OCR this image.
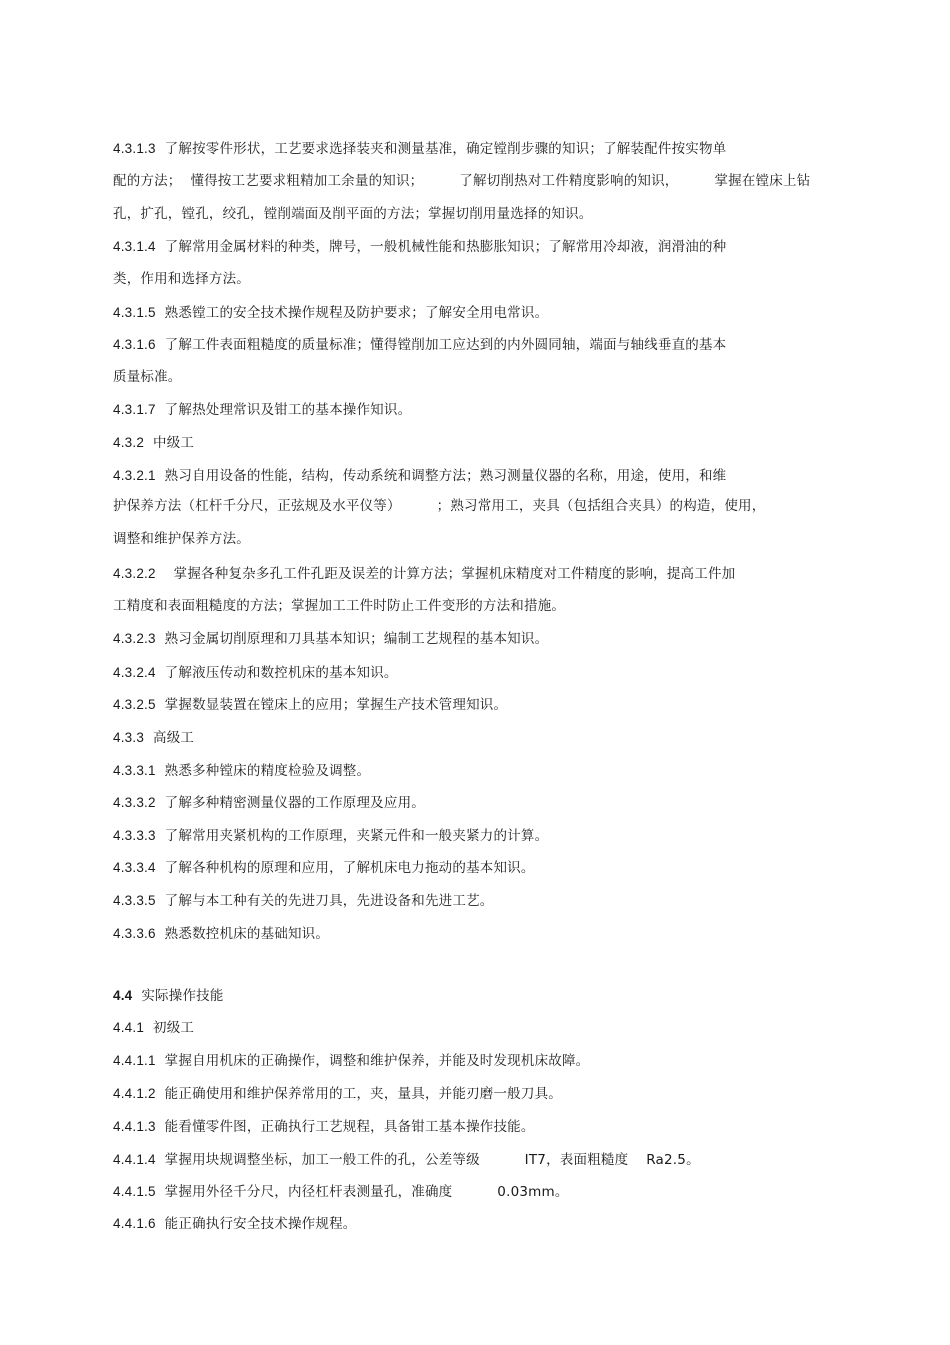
4.3.1.3 了解按零件形状，工艺要求选择装夹和测量基准，确定镗削步骤的知识；了解装配件按实物单
配的方法；  懂得按工艺要求粗精加工余量的知识；        了解切削热对工件精度影响的知识，        掌握在镗床上钻
孔，扩孔，镗孔，绞孔，镗削端面及削平面的方法；掌握切削用量选择的知识。
4.3.1.4 了解常用金属材料的种类，牌号，一般机械性能和热膨胀知识；了解常用冷却液，润滑油的种
类，作用和选择方法。
4.3.1.5 熟悉镗工的安全技术操作规程及防护要求；了解安全用电常识。
4.3.1.6 了解工件表面粗糙度的质量标准；懂得镗削加工应达到的内外圆同轴，端面与轴线垂直的基本
质量标准。
4.3.1.7 了解热处理常识及钳工的基本操作知识。
4.3.2 中级工
4.3.2.1 熟习自用设备的性能，结构，传动系统和调整方法；熟习测量仪器的名称，用途，使用，和维
护保养方法（杠杆千分尺，正弦规及水平仪等）        ；熟习常用工，夹具（包括组合夹具）的构造，使用，
调整和维护保养方法。
4.3.2.2    掌握各种复杂多孔工件孔距及误差的计算方法；掌握机床精度对工件精度的影响，提高工件加
工精度和表面粗糙度的方法；掌握加工工件时防止工件变形的方法和措施。
4.3.2.3 熟习金属切削原理和刀具基本知识；编制工艺规程的基本知识。
4.3.2.4 了解液压传动和数控机床的基本知识。
4.3.2.5 掌握数显装置在镗床上的应用；掌握生产技术管理知识。
4.3.3 高级工
4.3.3.1 熟悉多种镗床的精度检验及调整。
4.3.3.2 了解多种精密测量仪器的工作原理及应用。
4.3.3.3 了解常用夹紧机构的工作原理，夹紧元件和一般夹紧力的计算。
4.3.3.4 了解各种机构的原理和应用，了解机床电力拖动的基本知识。
4.3.3.5 了解与本工种有关的先进刀具，先进设备和先进工艺。
4.3.3.6 熟悉数控机床的基础知识。
4.4 实际操作技能
4.4.1 初级工
4.4.1.1 掌握自用机床的正确操作，调整和维护保养，并能及时发现机床故障。
4.4.1.2 能正确使用和维护保养常用的工，夹，量具，并能刃磨一般刀具。
4.4.1.3 能看懂零件图，正确执行工艺规程，具备钳工基本操作技能。
4.4.1.4 掌握用块规调整坐标，加工一般工件的孔，公差等级          IT7，表面粗糙度    Ra2.5。
4.4.1.5 掌握用外径千分尺，内径杠杆表测量孔，准确度          0.03mm。
4.4.1.6 能正确执行安全技术操作规程。
